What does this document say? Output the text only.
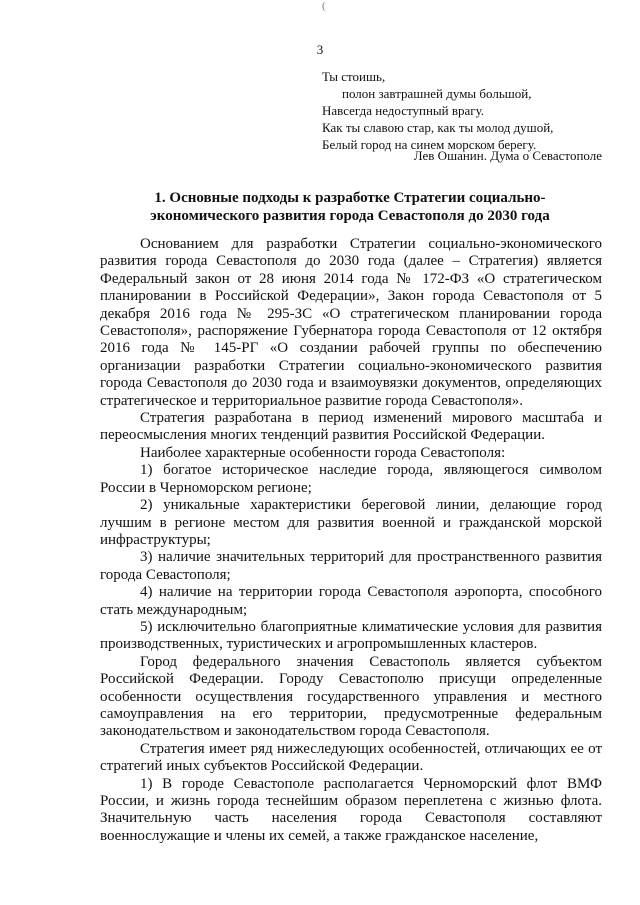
(
3
Ты стоишь,
полон завтрашней думы большой,
Навсегда недоступный врагу.
Как ты славою стар, как ты молод душой,
Белый город на синем морском берегу.
Лев Ошанин. Дума о Севастополе
1. Основные подходы к разработке Стратегии социально-
экономического развития города Севастополя до 2030 года

Основанием для разработки Стратегии социально-экономического развития города Севастополя до 2030 года (далее – Стратегия) является Федеральный закон от 28 июня 2014 года № 172-ФЗ «О стратегическом планировании в Российской Федерации», Закон города Севастополя от 5 декабря 2016 года № 295-ЗС «О стратегическом планировании города Севастополя», распоряжение Губернатора города Севастополя от 12 октября 2016 года № 145-РГ «О создании рабочей группы по обеспечению организации разработки Стратегии социально-экономического развития города Севастополя до 2030 года и взаимоувязки документов, определяющих стратегическое и территориальное развитие города Севастополя».

Стратегия разработана в период изменений мирового масштаба и переосмысления многих тенденций развития Российской Федерации.

Наиболее характерные особенности города Севастополя:

1) богатое историческое наследие города, являющегося символом России в Черноморском регионе;

2) уникальные характеристики береговой линии, делающие город лучшим в регионе местом для развития военной и гражданской морской инфраструктуры;

3) наличие значительных территорий для пространственного развития города Севастополя;

4) наличие на территории города Севастополя аэропорта, способного стать международным;

5) исключительно благоприятные климатические условия для развития производственных, туристических и агропромышленных кластеров.

Город федерального значения Севастополь является субъектом Российской Федерации. Городу Севастополю присущи определенные особенности осуществления государственного управления и местного самоуправления на его территории, предусмотренные федеральным законодательством и законодательством города Севастополя.

Стратегия имеет ряд нижеследующих особенностей, отличающих ее от стратегий иных субъектов Российской Федерации.

1) В городе Севастополе располагается Черноморский флот ВМФ России, и жизнь города теснейшим образом переплетена с жизнью флота. Значительную часть населения города Севастополя составляют военнослужащие и члены их семей, а также гражданское население,
